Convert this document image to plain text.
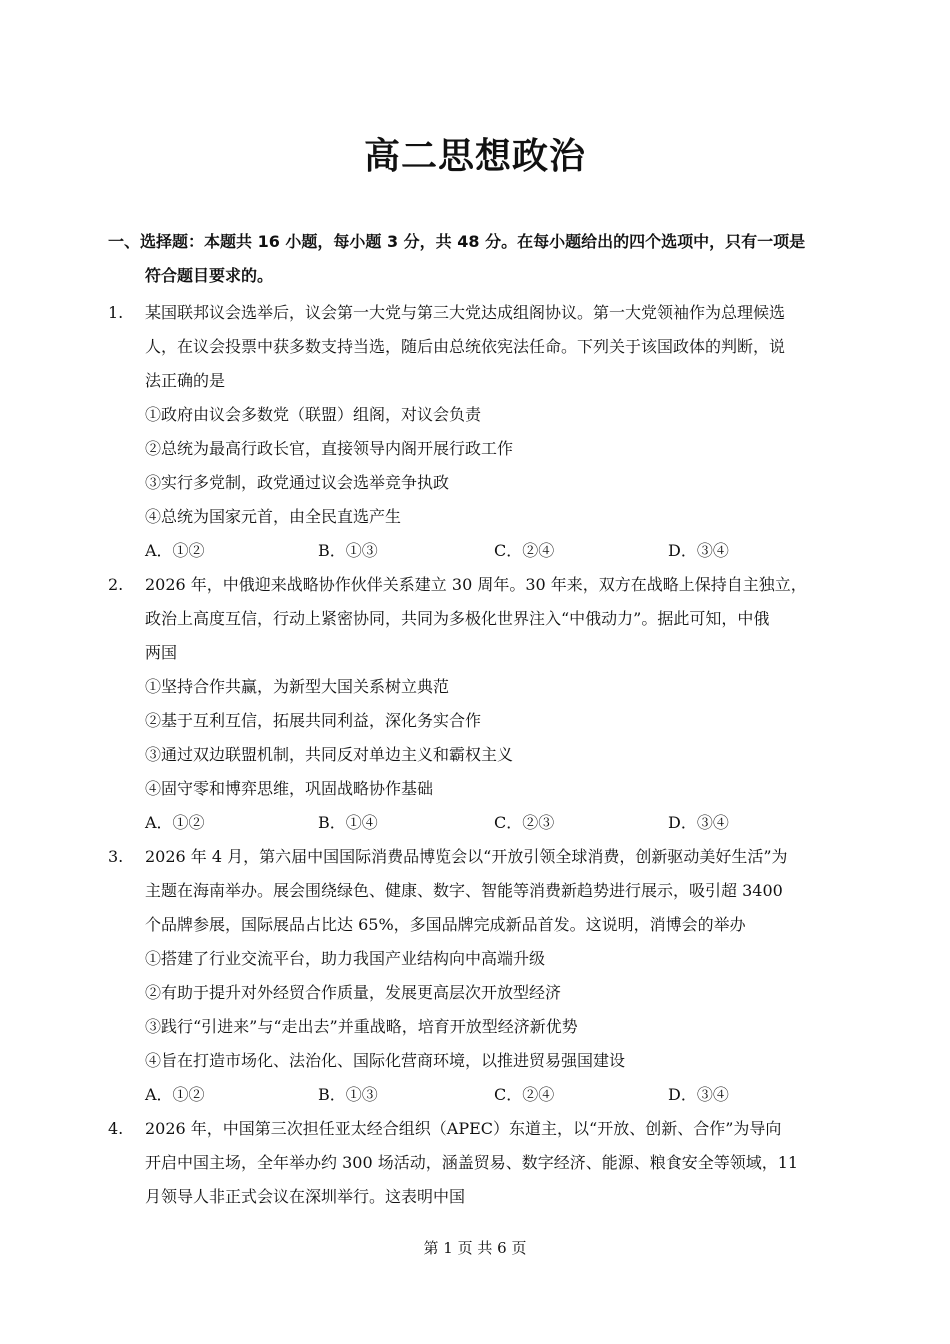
高二思想政治
一、选择题：本题共 16 小题，每小题 3 分，共 48 分。在每小题给出的四个选项中，只有一项是
符合题目要求的。
1. 某国联邦议会选举后，议会第一大党与第三大党达成组阁协议。第一大党领袖作为总理候选
人，在议会投票中获多数支持当选，随后由总统依宪法任命。下列关于该国政体的判断，说
法正确的是
①政府由议会多数党（联盟）组阁，对议会负责
②总统为最高行政长官，直接领导内阁开展行政工作
③实行多党制，政党通过议会选举竞争执政
④总统为国家元首，由全民直选产生
A．①②	B．①③	C．②④	D．③④
2. 2026 年，中俄迎来战略协作伙伴关系建立 30 周年。30 年来，双方在战略上保持自主独立，
政治上高度互信，行动上紧密协同，共同为多极化世界注入“中俄动力”。据此可知，中俄
两国
①坚持合作共赢，为新型大国关系树立典范
②基于互利互信，拓展共同利益，深化务实合作
③通过双边联盟机制，共同反对单边主义和霸权主义
④固守零和博弈思维，巩固战略协作基础
A．①②	B．①④	C．②③	D．③④
3. 2026 年 4 月，第六届中国国际消费品博览会以“开放引领全球消费，创新驱动美好生活”为
主题在海南举办。展会围绕绿色、健康、数字、智能等消费新趋势进行展示，吸引超 3400
个品牌参展，国际展品占比达 65%，多国品牌完成新品首发。这说明，消博会的举办
①搭建了行业交流平台，助力我国产业结构向中高端升级
②有助于提升对外经贸合作质量，发展更高层次开放型经济
③践行“引进来”与“走出去”并重战略，培育开放型经济新优势
④旨在打造市场化、法治化、国际化营商环境，以推进贸易强国建设
A．①②	B．①③	C．②④	D．③④
4. 2026 年，中国第三次担任亚太经合组织（APEC）东道主，以“开放、创新、合作”为导向
开启中国主场，全年举办约 300 场活动，涵盖贸易、数字经济、能源、粮食安全等领域，11
月领导人非正式会议在深圳举行。这表明中国
第 1 页 共 6 页
